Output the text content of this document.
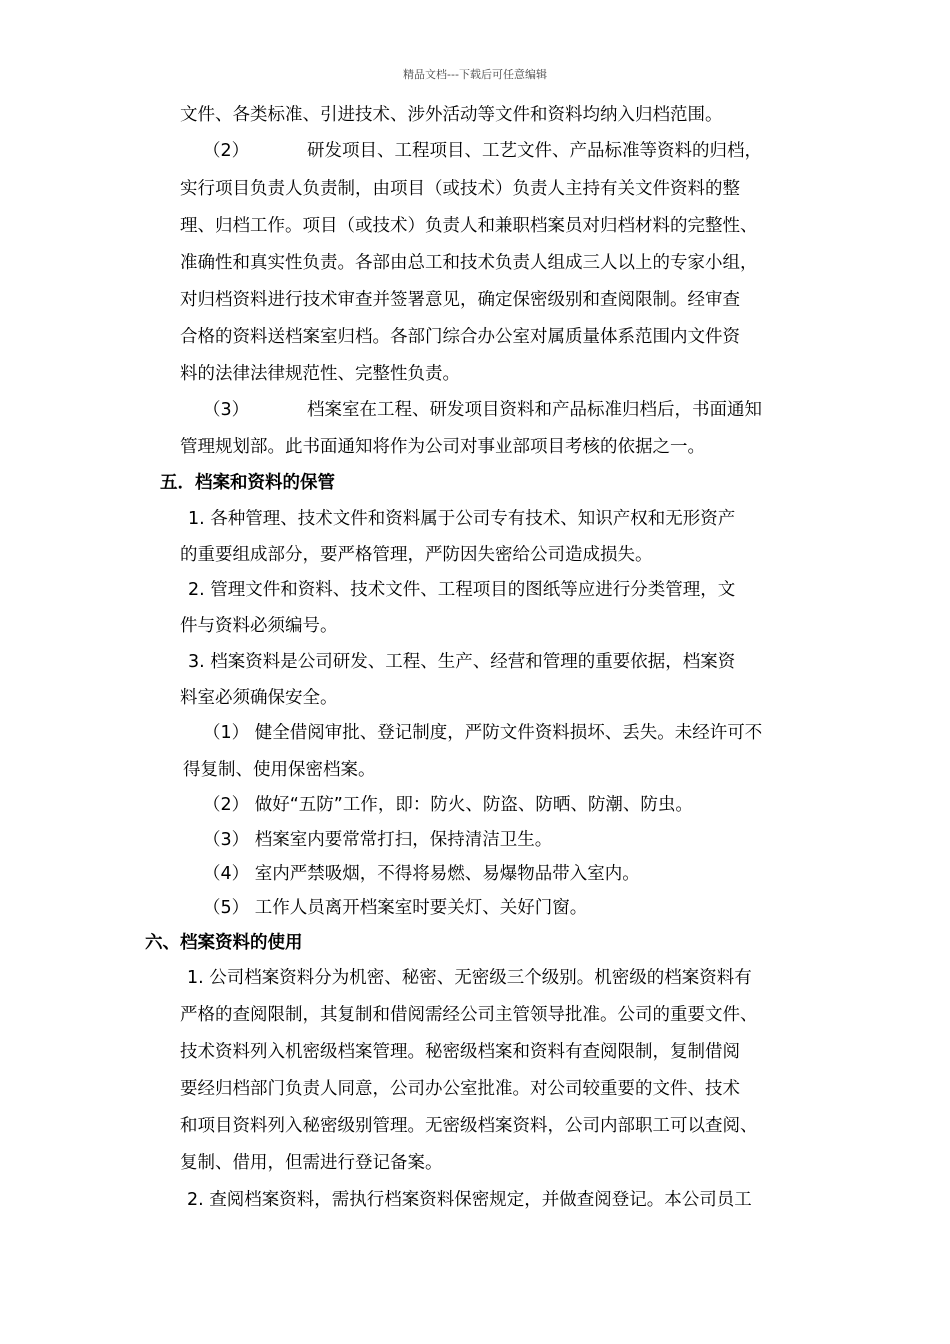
精品文档---下载后可任意编辑
文件、各类标准、引进技术、涉外活动等文件和资料均纳入归档范围。
（2）	研发项目、工程项目、工艺文件、产品标准等资料的归档，
实行项目负责人负责制，由项目（或技术）负责人主持有关文件资料的整
理、归档工作。项目（或技术）负责人和兼职档案员对归档材料的完整性、
准确性和真实性负责。各部由总工和技术负责人组成三人以上的专家小组，
对归档资料进行技术审查并签署意见，确定保密级别和查阅限制。经审查
合格的资料送档案室归档。各部门综合办公室对属质量体系范围内文件资
料的法律法律规范性、完整性负责。
（3）	档案室在工程、研发项目资料和产品标准归档后，书面通知
管理规划部。此书面通知将作为公司对事业部项目考核的依据之一。
五．档案和资料的保管
1. 各种管理、技术文件和资料属于公司专有技术、知识产权和无形资产
的重要组成部分，要严格管理，严防因失密给公司造成损失。
2. 管理文件和资料、技术文件、工程项目的图纸等应进行分类管理，文
件与资料必须编号。
3. 档案资料是公司研发、工程、生产、经营和管理的重要依据，档案资
料室必须确保安全。
（1） 健全借阅审批、登记制度，严防文件资料损坏、丢失。未经许可不
得复制、使用保密档案。
（2） 做好“五防”工作，即：防火、防盗、防晒、防潮、防虫。
（3） 档案室内要常常打扫，保持清洁卫生。
（4） 室内严禁吸烟，不得将易燃、易爆物品带入室内。
（5） 工作人员离开档案室时要关灯、关好门窗。
六、档案资料的使用
1. 公司档案资料分为机密、秘密、无密级三个级别。机密级的档案资料有
严格的查阅限制，其复制和借阅需经公司主管领导批准。公司的重要文件、
技术资料列入机密级档案管理。秘密级档案和资料有查阅限制，复制借阅
要经归档部门负责人同意，公司办公室批准。对公司较重要的文件、技术
和项目资料列入秘密级别管理。无密级档案资料，公司内部职工可以查阅、
复制、借用，但需进行登记备案。
2. 查阅档案资料，需执行档案资料保密规定，并做查阅登记。本公司员工
